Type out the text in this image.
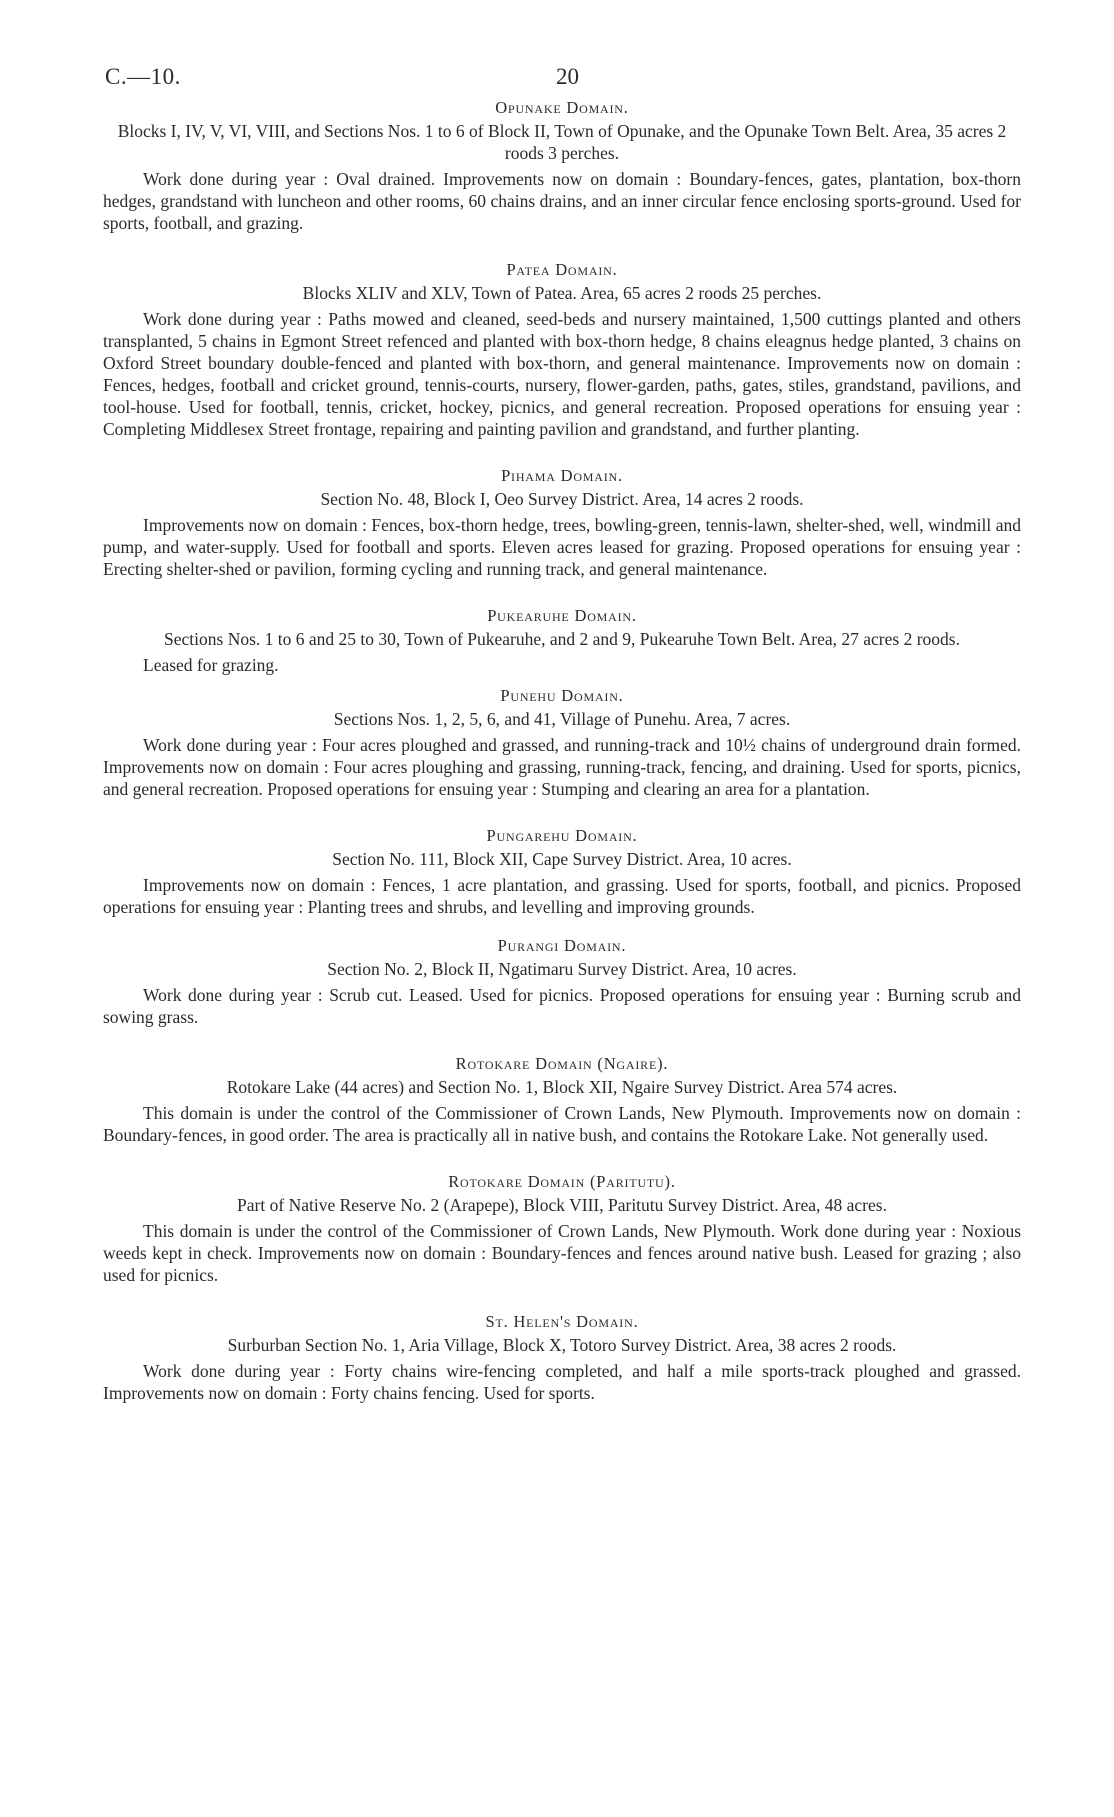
C.—10.	20
Opunake Domain.

Blocks I, IV, V, VI, VIII, and Sections Nos. 1 to 6 of Block II, Town of Opunake, and the Opunake Town Belt. Area, 35 acres 2 roods 3 perches.

Work done during year : Oval drained. Improvements now on domain : Boundary-fences, gates, plantation, box-thorn hedges, grandstand with luncheon and other rooms, 60 chains drains, and an inner circular fence enclosing sports-ground. Used for sports, football, and grazing.

Patea Domain.

Blocks XLIV and XLV, Town of Patea. Area, 65 acres 2 roods 25 perches.

Work done during year : Paths mowed and cleaned, seed-beds and nursery maintained, 1,500 cuttings planted and others transplanted, 5 chains in Egmont Street refenced and planted with box-thorn hedge, 8 chains eleagnus hedge planted, 3 chains on Oxford Street boundary double-fenced and planted with box-thorn, and general maintenance. Improvements now on domain : Fences, hedges, football and cricket ground, tennis-courts, nursery, flower-garden, paths, gates, stiles, grandstand, pavilions, and tool-house. Used for football, tennis, cricket, hockey, picnics, and general recreation. Proposed operations for ensuing year : Completing Middlesex Street frontage, repairing and painting pavilion and grandstand, and further planting.

Pihama Domain.

Section No. 48, Block I, Oeo Survey District. Area, 14 acres 2 roods.

Improvements now on domain : Fences, box-thorn hedge, trees, bowling-green, tennis-lawn, shelter-shed, well, windmill and pump, and water-supply. Used for football and sports. Eleven acres leased for grazing. Proposed operations for ensuing year : Erecting shelter-shed or pavilion, forming cycling and running track, and general maintenance.

Pukearuhe Domain.

Sections Nos. 1 to 6 and 25 to 30, Town of Pukearuhe, and 2 and 9, Pukearuhe Town Belt. Area, 27 acres 2 roods.

Leased for grazing.

Punehu Domain.

Sections Nos. 1, 2, 5, 6, and 41, Village of Punehu. Area, 7 acres.

Work done during year : Four acres ploughed and grassed, and running-track and 10½ chains of underground drain formed. Improvements now on domain : Four acres ploughing and grassing, running-track, fencing, and draining. Used for sports, picnics, and general recreation. Proposed operations for ensuing year : Stumping and clearing an area for a plantation.

Pungarehu Domain.

Section No. 111, Block XII, Cape Survey District. Area, 10 acres.

Improvements now on domain : Fences, 1 acre plantation, and grassing. Used for sports, football, and picnics. Proposed operations for ensuing year : Planting trees and shrubs, and levelling and improving grounds.

Purangi Domain.

Section No. 2, Block II, Ngatimaru Survey District. Area, 10 acres.

Work done during year : Scrub cut. Leased. Used for picnics. Proposed operations for ensuing year : Burning scrub and sowing grass.

Rotokare Domain (Ngaire).

Rotokare Lake (44 acres) and Section No. 1, Block XII, Ngaire Survey District. Area 574 acres.

This domain is under the control of the Commissioner of Crown Lands, New Plymouth. Improvements now on domain : Boundary-fences, in good order. The area is practically all in native bush, and contains the Rotokare Lake. Not generally used.

Rotokare Domain (Paritutu).

Part of Native Reserve No. 2 (Arapepe), Block VIII, Paritutu Survey District. Area, 48 acres.

This domain is under the control of the Commissioner of Crown Lands, New Plymouth. Work done during year : Noxious weeds kept in check. Improvements now on domain : Boundary-fences and fences around native bush. Leased for grazing ; also used for picnics.

St. Helen's Domain.

Surburban Section No. 1, Aria Village, Block X, Totoro Survey District. Area, 38 acres 2 roods.

Work done during year : Forty chains wire-fencing completed, and half a mile sports-track ploughed and grassed. Improvements now on domain : Forty chains fencing. Used for sports.
